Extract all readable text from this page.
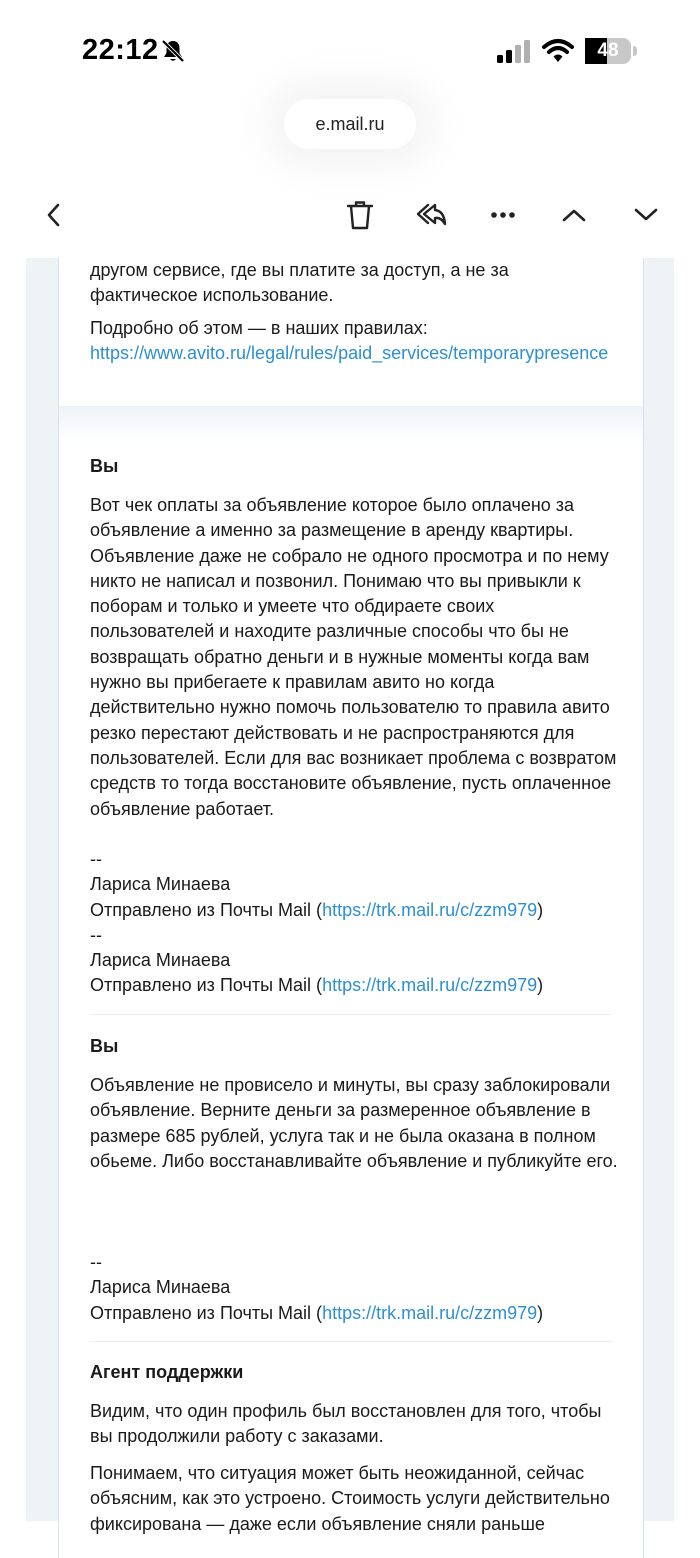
22:12	48
e.mail.ru

другом сервисе, где вы платите за доступ, а не за фактическое использование.

Подробно об этом — в наших правилах:
https://www.avito.ru/legal/rules/paid_services/temporarypresence

Вы

Вот чек оплаты за объявление которое было оплачено за объявление а именно за размещение в аренду квартиры. Объявление даже не собрало не одного просмотра и по нему никто не написал и позвонил. Понимаю что вы привыкли к поборам и только и умеете что обдираете своих пользователей и находите различные способы что бы не возвращать обратно деньги и в нужные моменты когда вам нужно вы прибегаете к правилам авито но когда действительно нужно помочь пользователю то правила авито резко перестают действовать и не распространяются для пользователей. Если для вас возникает проблема с возвратом средств то тогда восстановите объявление, пусть оплаченное объявление работает.

--
Лариса Минаева
Отправлено из Почты Mail (https://trk.mail.ru/c/zzm979)
--
Лариса Минаева
Отправлено из Почты Mail (https://trk.mail.ru/c/zzm979)

Вы

Объявление не провисело и минуты, вы сразу заблокировали объявление. Верните деньги за размеренное объявление в размере 685 рублей, услуга так и не была оказана в полном обьеме. Либо восстанавливайте объявление и публикуйте его.

--
Лариса Минаева
Отправлено из Почты Mail (https://trk.mail.ru/c/zzm979)

Агент поддержки

Видим, что один профиль был восстановлен для того, чтобы вы продолжили работу с заказами.

Понимаем, что ситуация может быть неожиданной, сейчас объясним, как это устроено. Стоимость услуги действительно фиксирована — даже если объявление сняли раньше
